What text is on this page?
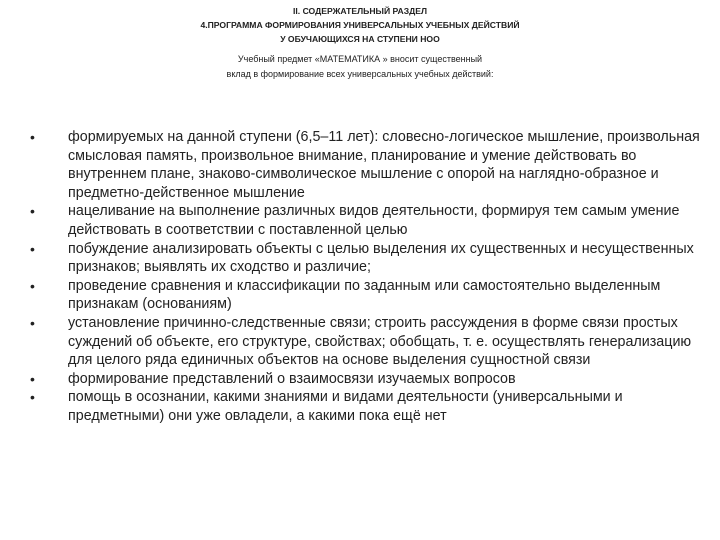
II. СОДЕРЖАТЕЛЬНЫЙ РАЗДЕЛ
4.ПРОГРАММА ФОРМИРОВАНИЯ УНИВЕРСАЛЬНЫХ УЧЕБНЫХ ДЕЙСТВИЙ
У ОБУЧАЮЩИХСЯ НА СТУПЕНИ НОО
Учебный предмет «МАТЕМАТИКА » вносит существенный
вклад в формирование всех универсальных учебных действий:
• формируемых на данной ступени (6,5–11 лет): словесно-логическое мышление, произвольная смысловая память, произвольное внимание, планирование и умение действовать во внутреннем плане, знаково-символическое мышление с опорой на наглядно-образное и предметно-действенное мышление
• нацеливание на выполнение различных видов деятельности, формируя тем самым умение действовать в соответствии с поставленной целью
• побуждение анализировать объекты с целью выделения их существенных и несущественных признаков; выявлять их сходство и различие;
• проведение сравнения и классификации по заданным или самостоятельно выделенным признакам (основаниям)
• установление причинно-следственные связи; строить рассуждения в форме связи простых суждений об объекте, его структуре, свойствах; обобщать, т. е. осуществлять генерализацию для целого ряда единичных объектов на основе выделения сущностной связи
• формирование представлений о взаимосвязи изучаемых вопросов
• помощь в осознании, какими знаниями и видами деятельности (универсальными и предметными) они уже овладели, а какими пока ещё нет
